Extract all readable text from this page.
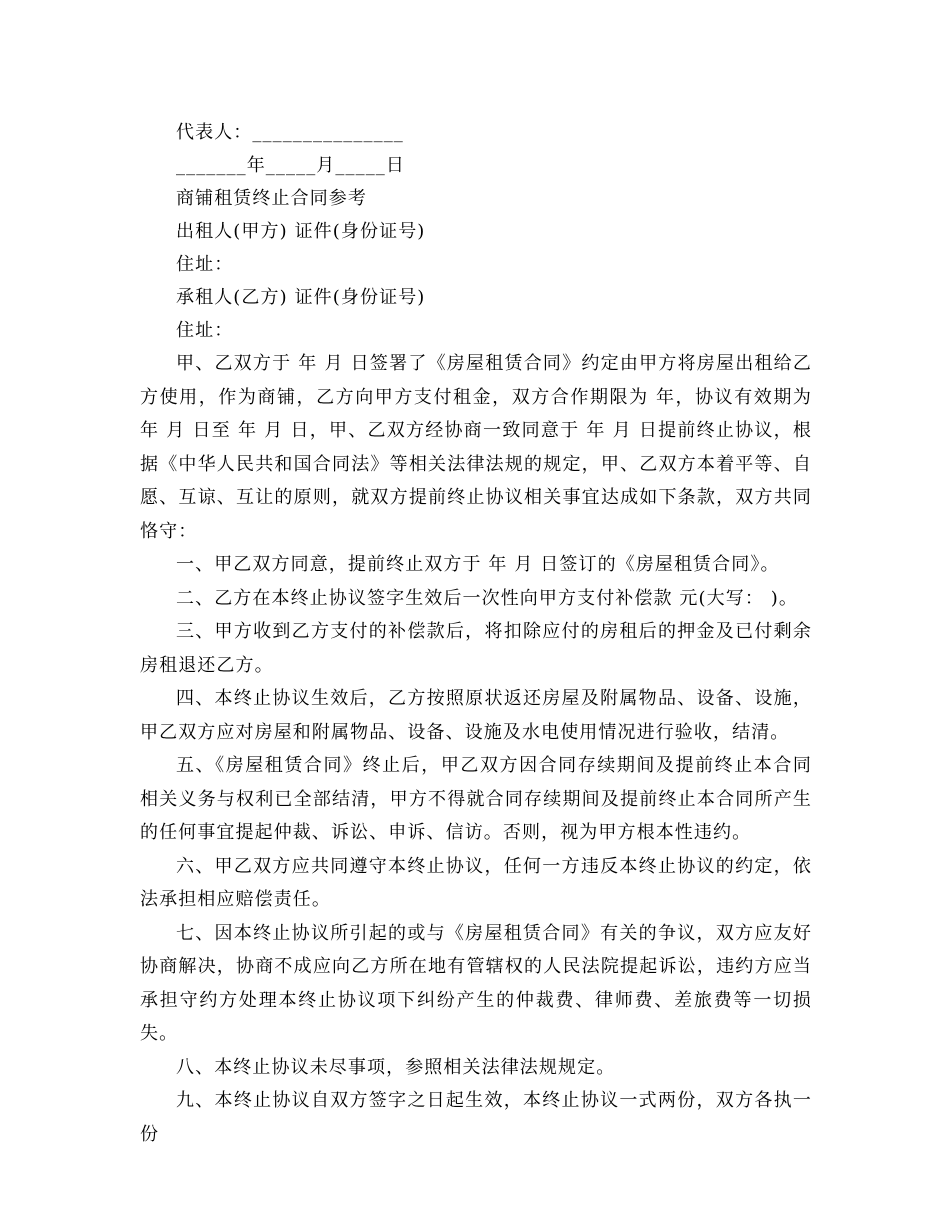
代表人：_______________
_______年_____月_____日
商铺租赁终止合同参考
出租人(甲方) 证件(身份证号)
住址：
承租人(乙方) 证件(身份证号)
住址：

甲、乙双方于 年 月 日签署了《房屋租赁合同》约定由甲方将房屋出租给乙方使用，作为商铺，乙方向甲方支付租金，双方合作期限为 年，协议有效期为 年 月 日至 年 月 日，甲、乙双方经协商一致同意于 年 月 日提前终止协议，根据《中华人民共和国合同法》等相关法律法规的规定，甲、乙双方本着平等、自愿、互谅、互让的原则，就双方提前终止协议相关事宜达成如下条款，双方共同恪守：

一、甲乙双方同意，提前终止双方于 年 月 日签订的《房屋租赁合同》。

二、乙方在本终止协议签字生效后一次性向甲方支付补偿款 元(大写： )。

三、甲方收到乙方支付的补偿款后，将扣除应付的房租后的押金及已付剩余房租退还乙方。

四、本终止协议生效后，乙方按照原状返还房屋及附属物品、设备、设施，甲乙双方应对房屋和附属物品、设备、设施及水电使用情况进行验收，结清。

五、《房屋租赁合同》终止后，甲乙双方因合同存续期间及提前终止本合同相关义务与权利已全部结清，甲方不得就合同存续期间及提前终止本合同所产生的任何事宜提起仲裁、诉讼、申诉、信访。否则，视为甲方根本性违约。

六、甲乙双方应共同遵守本终止协议，任何一方违反本终止协议的约定，依法承担相应赔偿责任。

七、因本终止协议所引起的或与《房屋租赁合同》有关的争议，双方应友好协商解决，协商不成应向乙方所在地有管辖权的人民法院提起诉讼，违约方应当承担守约方处理本终止协议项下纠纷产生的仲裁费、律师费、差旅费等一切损失。

八、本终止协议未尽事项，参照相关法律法规规定。

九、本终止协议自双方签字之日起生效，本终止协议一式两份，双方各执一份
